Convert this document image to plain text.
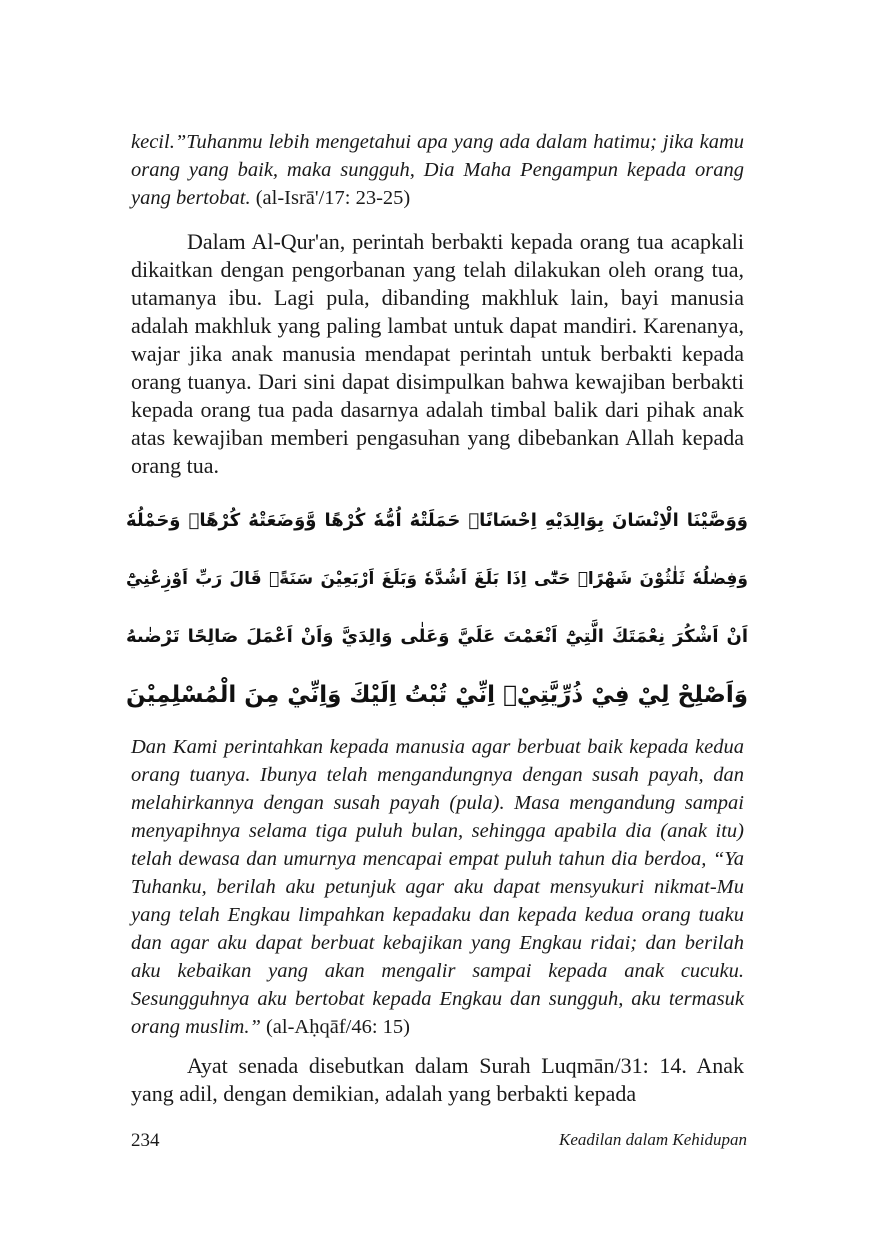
kecil.”Tuhanmu lebih mengetahui apa yang ada dalam hatimu; jika kamu orang yang baik, maka sungguh, Dia Maha Pengampun kepada orang yang bertobat. (al-Isrā'/17: 23-25)

Dalam Al-Qur'an, perintah berbakti kepada orang tua acapkali dikaitkan dengan pengorbanan yang telah dilakukan oleh orang tua, utamanya ibu. Lagi pula, dibanding makhluk lain, bayi manusia adalah makhluk yang paling lambat untuk dapat mandiri. Karenanya, wajar jika anak manusia mendapat perintah untuk berbakti kepada orang tuanya. Dari sini dapat disimpulkan bahwa kewajiban berbakti kepada orang tua pada dasarnya adalah timbal balik dari pihak anak atas kewajiban memberi pengasuhan yang dibebankan Allah kepada orang tua.

وَوَصَّيْنَا الْاِنْسَانَ بِوَالِدَيْهِ اِحْسَانًاۗ حَمَلَتْهُ اُمُّهٗ كُرْهًا وَّوَضَعَتْهُ كُرْهًاۗ وَحَمْلُهٗ
وَفِصٰلُهٗ ثَلٰثُوْنَ شَهْرًاۗ حَتّٰٓى اِذَا بَلَغَ اَشُدَّهٗ وَبَلَغَ اَرْبَعِيْنَ سَنَةًۙ قَالَ رَبِّ اَوْزِعْنِيْٓ
اَنْ اَشْكُرَ نِعْمَتَكَ الَّتِيْٓ اَنْعَمْتَ عَلَيَّ وَعَلٰى وَالِدَيَّ وَاَنْ اَعْمَلَ صَالِحًا تَرْضٰىهُ
وَاَصْلِحْ لِيْ فِيْ ذُرِّيَّتِيْۗ اِنِّيْ تُبْتُ اِلَيْكَ وَاِنِّيْ مِنَ الْمُسْلِمِيْنَ

Dan Kami perintahkan kepada manusia agar berbuat baik kepada kedua orang tuanya. Ibunya telah mengandungnya dengan susah payah, dan melahirkannya dengan susah payah (pula). Masa mengandung sampai menyapihnya selama tiga puluh bulan, sehingga apabila dia (anak itu) telah dewasa dan umurnya mencapai empat puluh tahun dia berdoa, “Ya Tuhanku, berilah aku petunjuk agar aku dapat mensyukuri nikmat-Mu yang telah Engkau limpahkan kepadaku dan kepada kedua orang tuaku dan agar aku dapat berbuat kebajikan yang Engkau ridai; dan berilah aku kebaikan yang akan mengalir sampai kepada anak cucuku. Sesungguhnya aku bertobat kepada Engkau dan sungguh, aku termasuk orang muslim.” (al-Aḥqāf/46: 15)

Ayat senada disebutkan dalam Surah Luqmān/31: 14. Anak yang adil, dengan demikian, adalah yang berbakti kepada

234	Keadilan dalam Kehidupan
